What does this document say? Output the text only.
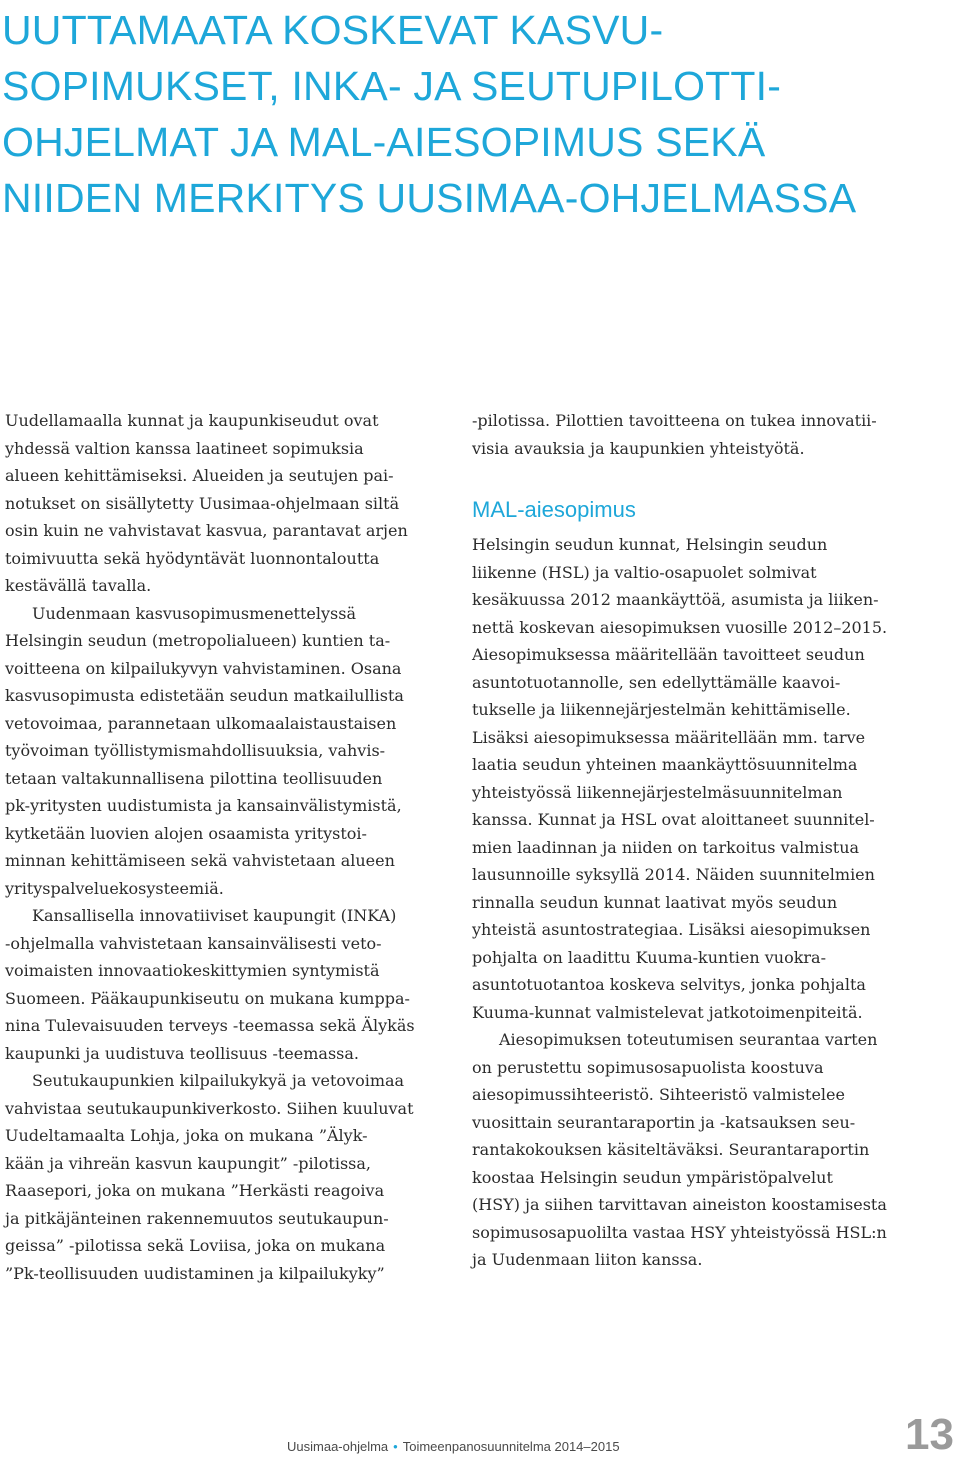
UUTTAMAATA KOSKEVAT KASVU-
SOPIMUKSET, INKA- JA SEUTUPILOTTI-
OHJELMAT JA MAL-AIESOPIMUS SEKÄ
NIIDEN MERKITYS UUSIMAA-OHJELMASSA
Uudellamaalla kunnat ja kaupunkiseudut ovat
yhdessä valtion kanssa laatineet sopimuksia
alueen kehittämiseksi. Alueiden ja seutujen pai-
notukset on sisällytetty Uusimaa-ohjelmaan siltä
osin kuin ne vahvistavat kasvua, parantavat arjen
toimivuutta sekä hyödyntävät luonnontaloutta
kestävällä tavalla.
Uudenmaan kasvusopimusmenettelyssä
Helsingin seudun (metropolialueen) kuntien ta-
voitteena on kilpailukyvyn vahvistaminen. Osana
kasvusopimusta edistetään seudun matkailullista
vetovoimaa, parannetaan ulkomaalaistaustaisen
työvoiman työllistymismahdollisuuksia, vahvis-
tetaan valtakunnallisena pilottina teollisuuden
pk-yritysten uudistumista ja kansainvälistymistä,
kytketään luovien alojen osaamista yritystoi-
minnan kehittämiseen sekä vahvistetaan alueen
yrityspalveluekosysteemiä.
Kansallisella innovatiiviset kaupungit (INKA)
-ohjelmalla vahvistetaan kansainvälisesti veto-
voimaisten innovaatiokeskittymien syntymistä
Suomeen. Pääkaupunkiseutu on mukana kumppa-
nina Tulevaisuuden terveys -teemassa sekä Älykäs
kaupunki ja uudistuva teollisuus -teemassa.
Seutukaupunkien kilpailukykyä ja vetovoimaa
vahvistaa seutukaupunkiverkosto. Siihen kuuluvat
Uudeltamaalta Lohja, joka on mukana ”Älyk-
kään ja vihreän kasvun kaupungit” -pilotissa,
Raasepori, joka on mukana ”Herkästi reagoiva
ja pitkäjänteinen rakennemuutos seutukaupun-
geissa” -pilotissa sekä Loviisa, joka on mukana
”Pk-teollisuuden uudistaminen ja kilpailukyky”
-pilotissa. Pilottien tavoitteena on tukea innovatii-
visia avauksia ja kaupunkien yhteistyötä.
MAL-aiesopimus
Helsingin seudun kunnat, Helsingin seudun
liikenne (HSL) ja valtio-osapuolet solmivat
kesäkuussa 2012 maankäyttöä, asumista ja liiken-
nettä koskevan aiesopimuksen vuosille 2012–2015.
Aiesopimuksessa määritellään tavoitteet seudun
asuntotuotannolle, sen edellyttämälle kaavoi-
tukselle ja liikennejärjestelmän kehittämiselle.
Lisäksi aiesopimuksessa määritellään mm. tarve
laatia seudun yhteinen maankäyttösuunnitelma
yhteistyössä liikennejärjestelmäsuunnitelman
kanssa. Kunnat ja HSL ovat aloittaneet suunnitel-
mien laadinnan ja niiden on tarkoitus valmistua
lausunnoille syksyllä 2014. Näiden suunnitelmien
rinnalla seudun kunnat laativat myös seudun
yhteistä asuntostrategiaa. Lisäksi aiesopimuksen
pohjalta on laadittu Kuuma-kuntien vuokra-
asuntotuotantoa koskeva selvitys, jonka pohjalta
Kuuma-kunnat valmistelevat jatkotoimenpiteitä.
Aiesopimuksen toteutumisen seurantaa varten
on perustettu sopimusosapuolista koostuva
aiesopimussihteeristö. Sihteeristö valmistelee
vuosittain seurantaraportin ja -katsauksen seu-
rantakokouksen käsiteltäväksi. Seurantaraportin
koostaa Helsingin seudun ympäristöpalvelut
(HSY) ja siihen tarvittavan aineiston koostamisesta
sopimusosapuolilta vastaa HSY yhteistyössä HSL:n
ja Uudenmaan liiton kanssa.
Uusimaa-ohjelma • Toimeenpanosuunnitelma 2014–2015	13
